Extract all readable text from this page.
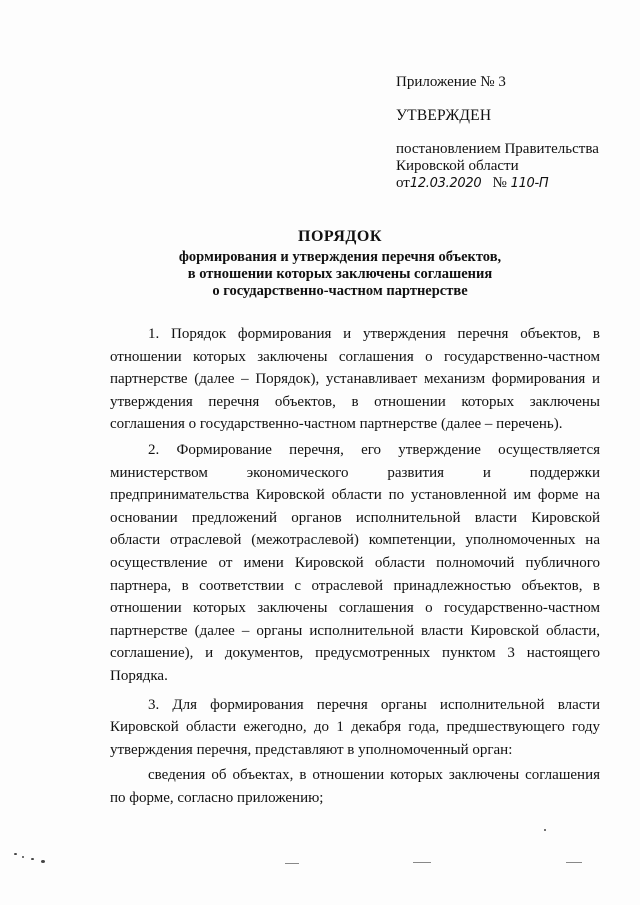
Приложение № 3

УТВЕРЖДЕН

постановлением Правительства

Кировской области

от12.03.2020 № 110-П

ПОРЯДОК

формирования и утверждения перечня объектов,

в отношении которых заключены соглашения

о государственно-частном партнерстве

1. Порядок формирования и утверждения перечня объектов, в отношении которых заключены соглашения о государственно-частном партнерстве (далее – Порядок), устанавливает механизм формирования и утверждения перечня объектов, в отношении которых заключены соглашения о государственно-частном партнерстве (далее – перечень).

2. Формирование перечня, его утверждение осуществляется министерством экономического развития и поддержки предпринимательства Кировской области по установленной им форме на основании предложений органов исполнительной власти Кировской области отраслевой (межотраслевой) компетенции, уполномоченных на осуществление от имени Кировской области полномочий публичного партнера, в соответствии с отраслевой принадлежностью объектов, в отношении которых заключены соглашения о государственно-частном партнерстве (далее – органы исполнительной власти Кировской области, соглашение), и документов, предусмотренных пунктом 3 настоящего Порядка.

3. Для формирования перечня органы исполнительной власти Кировской области ежегодно, до 1 декабря года, предшествующего году утверждения перечня, представляют в уполномоченный орган:

сведения об объектах, в отношении которых заключены соглашения по форме, согласно приложению;
